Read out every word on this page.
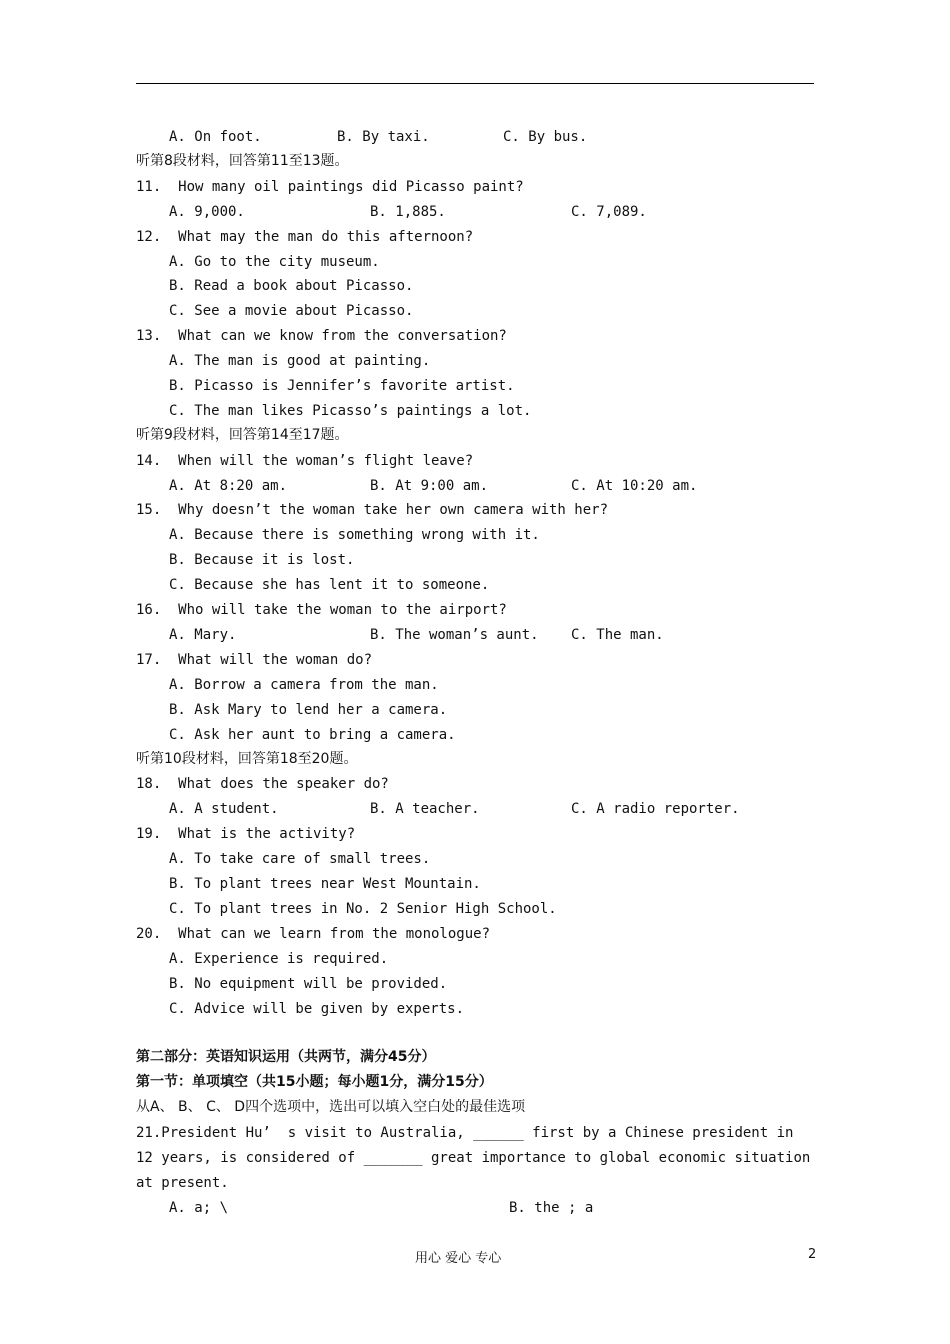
A. On foot.

	B. By taxi.

	C. By bus.

听第8段材料，回答第11至13题。
11.  How many oil paintings did Picasso paint?

A. 9,000.

	B. 1,885.

	C. 7,089.

12.  What may the man do this afternoon?
A. Go to the city museum.
B. Read a book about Picasso.
C. See a movie about Picasso.
13.  What can we know from the conversation?
A. The man is good at painting.
B. Picasso is Jennifer’s favorite artist.
C. The man likes Picasso’s paintings a lot.
听第9段材料，回答第14至17题。
14.  When will the woman’s flight leave?

A. At 8:20 am.

	B. At 9:00 am.

	C. At 10:20 am.

15.  Why doesn’t the woman take her own camera with her?
A. Because there is something wrong with it.
B. Because it is lost.
C. Because she has lent it to someone.
16.  Who will take the woman to the airport?

A. Mary.

	B. The woman’s aunt.

C. The man.

17.  What will the woman do?
A. Borrow a camera from the man.
B. Ask Mary to lend her a camera.
C. Ask her aunt to bring a camera.
听第10段材料，回答第18至20题。
18.  What does the speaker do?

A. A student.

	B. A teacher.

	C. A radio reporter.

19.  What is the activity?
A. To take care of small trees.
B. To plant trees near West Mountain.
C. To plant trees in No. 2 Senior High School.
20.  What can we learn from the monologue?
A. Experience is required.
B. No equipment will be provided.
C. Advice will be given by experts.
第二部分：英语知识运用（共两节，满分45分）
第一节：单项填空（共15小题；每小题1分，满分15分）
从A、 B、 C、 D四个选项中，选出可以填入空白处的最佳选项
21.President Hu’  s visit to Australia, ______ first by a Chinese president in
12 years, is considered of _______ great importance to global economic situation
at present.

A. a; \

	B. the ; a

用心 爱心 专心	2
